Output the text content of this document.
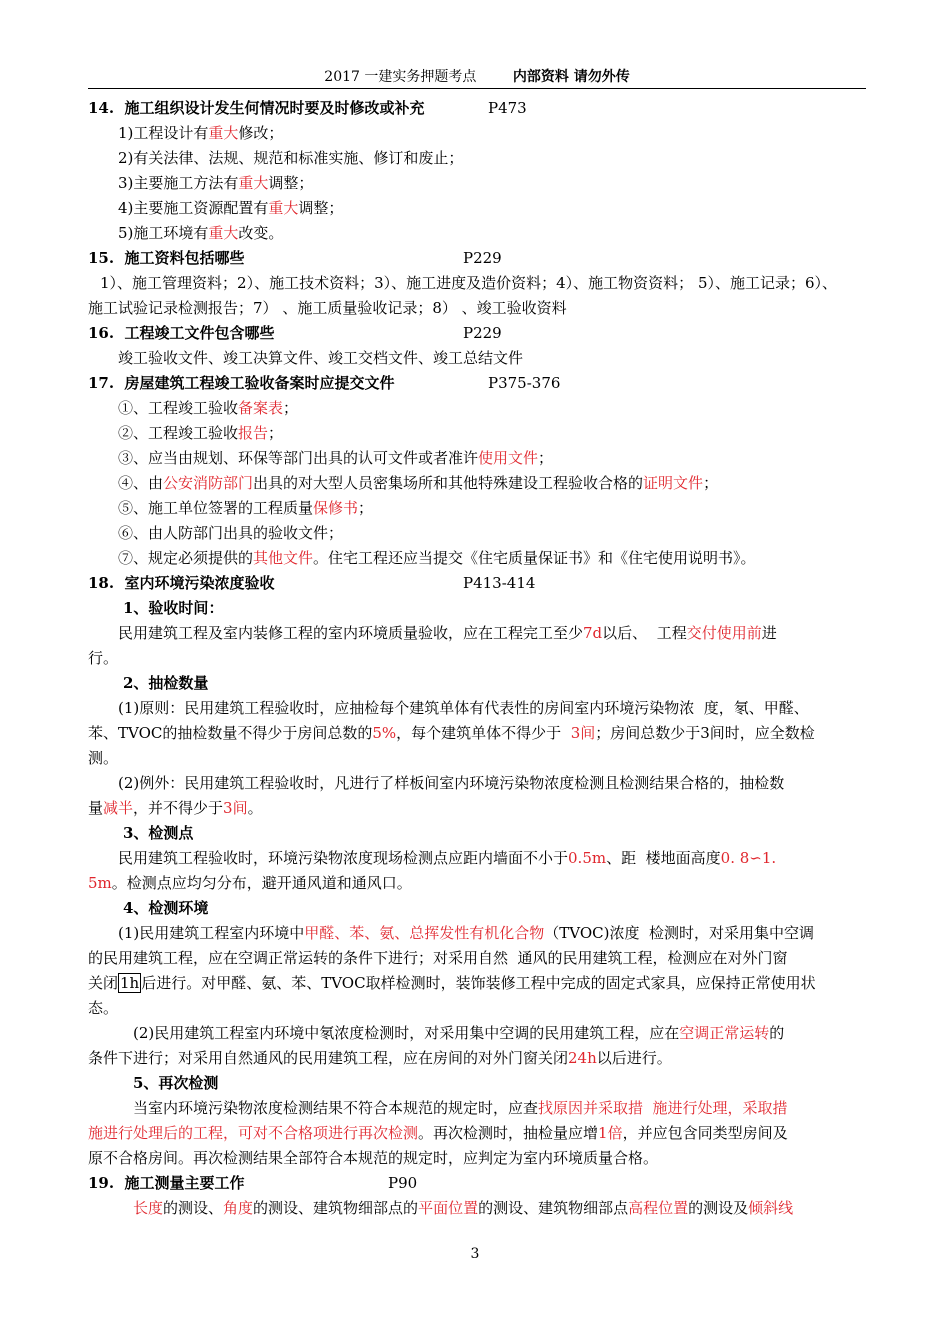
2017 一建实务押题考点	内部资料 请勿外传
14.  施工组织设计发生何情况时要及时修改或补充	P473
1)工程设计有重大修改；
2)有关法律、法规、规范和标准实施、修订和废止；
3)主要施工方法有重大调整；
4)主要施工资源配置有重大调整；
5)施工环境有重大改变。
15.  施工资料包括哪些	P229
1）、施工管理资料；2）、施工技术资料；3）、施工进度及造价资料；4）、施工物资资料； 5）、施工记录；6）、
施工试验记录检测报告；7） 、施工质量验收记录；8） 、竣工验收资料
16.  工程竣工文件包含哪些	P229
竣工验收文件、竣工决算文件、竣工交档文件、竣工总结文件
17.  房屋建筑工程竣工验收备案时应提交文件	P375-376
①、工程竣工验收备案表；
②、工程竣工验收报告；
③、应当由规划、环保等部门出具的认可文件或者准许使用文件；
④、由公安消防部门出具的对大型人员密集场所和其他特殊建设工程验收合格的证明文件；
⑤、施工单位签署的工程质量保修书；
⑥、由人防部门出具的验收文件；
⑦、规定必须提供的其他文件。住宅工程还应当提交《住宅质量保证书》和《住宅使用说明书》。
18.  室内环境污染浓度验收	P413-414
1、验收时间：
民用建筑工程及室内装修工程的室内环境质量验收，应在工程完工至少7d以后、  工程交付使用前进
行。
2、抽检数量
(1)原则：民用建筑工程验收时，应抽检每个建筑单体有代表性的房间室内环境污染物浓  度，氡、甲醛、
苯、TVOC的抽检数量不得少于房间总数的5%，每个建筑单体不得少于  3间；房间总数少于3间时，应全数检
测。
(2)例外：民用建筑工程验收时，凡进行了样板间室内环境污染物浓度检测且检测结果合格的，抽检数
量减半，并不得少于3间。
3、检测点
民用建筑工程验收时，环境污染物浓度现场检测点应距内墙面不小于0.5m、距  楼地面高度0. 8∽1.
5m。检测点应均匀分布，避开通风道和通风口。
4、检测环境
(1)民用建筑工程室内环境中甲醛、苯、氨、总挥发性有机化合物（TVOC)浓度  检测时，对采用集中空调
的民用建筑工程，应在空调正常运转的条件下进行；对采用自然  通风的民用建筑工程，检测应在对外门窗
关闭 1h 后进行。对甲醛、氨、苯、TVOC取样检测时，装饰装修工程中完成的固定式家具，应保持正常使用状
态。
(2)民用建筑工程室内环境中氡浓度检测时，对采用集中空调的民用建筑工程，应在空调正常运转的
条件下进行；对采用自然通风的民用建筑工程，应在房间的对外门窗关闭24h以后进行。
5、再次检测
当室内环境污染物浓度检测结果不符合本规范的规定时，应查找原因并采取措  施进行处理，采取措
施进行处理后的工程，可对不合格项进行再次检测。再次检测时，抽检量应增1倍，并应包含同类型房间及
原不合格房间。再次检测结果全部符合本规范的规定时，应判定为室内环境质量合格。
19.  施工测量主要工作	P90
长度的测设、角度的测设、建筑物细部点的平面位置的测设、建筑物细部点高程位置的测设及倾斜线
3
